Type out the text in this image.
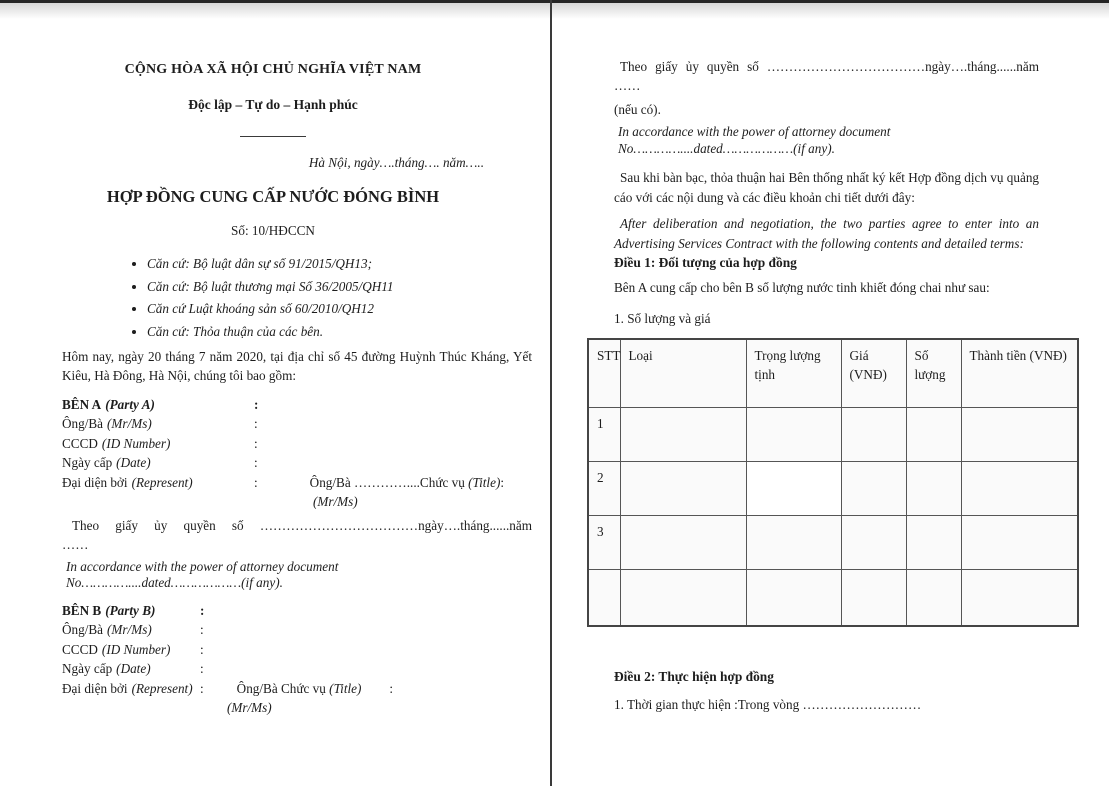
CỘNG HÒA XÃ HỘI CHỦ NGHĨA VIỆT NAM
Độc lập – Tự do – Hạnh phúc
Hà Nội, ngày….tháng…. năm…..
HỢP ĐỒNG CUNG CẤP NƯỚC ĐÓNG BÌNH
Số: 10/HĐCCN
• Căn cứ: Bộ luật dân sự số 91/2015/QH13;
• Căn cứ: Bộ luật thương mại Số 36/2005/QH11
• Căn cứ Luật khoáng sản số 60/2010/QH12
• Căn cứ: Thỏa thuận của các bên.
Hôm nay, ngày 20 tháng 7 năm 2020, tại địa chỉ số 45 đường Huỳnh Thúc Kháng, Yết Kiêu, Hà Đông, Hà Nội, chúng tôi bao gồm:
BÊN A (Party A)	:
Ông/Bà (Mr/Ms)	:
CCCD (ID Number)	:
Ngày cấp (Date)	:
Đại diện bởi (Represent)	:	Ông/Bà …………....Chức vụ (Title):
(Mr/Ms)
Theo giấy ủy quyền số ………………………………ngày….tháng......năm
……
In accordance with the power of attorney document
No…………....dated………………(if any).
BÊN B (Party B)	:
Ông/Bà (Mr/Ms)	:
CCCD (ID Number)	:
Ngày cấp (Date)	:
Đại diện bởi (Represent) :	Ông/Bà Chức vụ (Title) :
(Mr/Ms)
Theo giấy ủy quyền số ………………………………ngày….tháng......năm
……
(nếu có).
In accordance with the power of attorney document
No…………....dated………………(if any).
Sau khi bàn bạc, thỏa thuận hai Bên thống nhất ký kết Hợp đồng dịch vụ quảng cáo với các nội dung và các điều khoản chi tiết dưới đây:
After deliberation and negotiation, the two parties agree to enter into an Advertising Services Contract with the following contents and detailed terms:
Điều 1: Đối tượng của hợp đồng
Bên A cung cấp cho bên B số lượng nước tinh khiết đóng chai như sau:
1. Số lượng và giá
STT	Loại	Trọng lượng tịnh	Giá (VNĐ)	Số lượng	Thành tiền (VNĐ)
1					
2					
3					

Điều 2: Thực hiện hợp đồng
1. Thời gian thực hiện :Trong vòng ………………………
